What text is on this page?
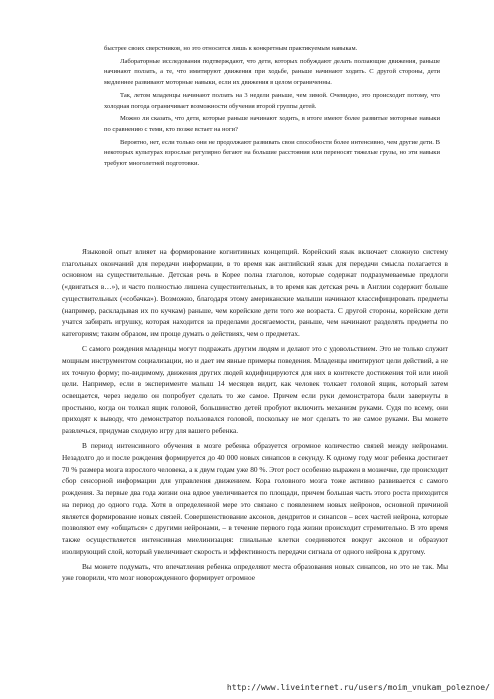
быстрее своих сверстников, но это относится лишь к конкретным практикуемым навыкам.

Лабораторные исследования подтверждают, что дети, которых побуждают делать ползающие движения, раньше начинают ползать, а те, что имитируют движения при ходьбе, раньше начинают ходить. С другой стороны, дети медленнее развивают моторные навыки, если их движения в целом ограниченны.

Так, летом младенцы начинают ползать на 3 недели раньше, чем зимой. Очевидно, это происходит потому, что холодная погода ограничивает возможности обучения второй группы детей.

Можно ли сказать, что дети, которые раньше начинают ходить, в итоге имеют более развитые моторные навыки по сравнению с теми, кто позже встает на ноги?

Вероятно, нет, если только они не продолжают развивать свои способности более интенсивно, чем другие дети. В некоторых культурах взрослые регулярно бегают на большие расстояния или переносят тяжелые грузы, но эти навыки требуют многолетней подготовки.

Языковой опыт влияет на формирование когнитивных концепций. Корейский язык включает сложную систему глагольных окончаний для передачи информации, в то время как английский язык для передачи смысла полагается в основном на существительные. Детская речь в Корее полна глаголов, которые содержат подразумеваемые предлоги («двигаться в…»), и часто полностью лишена существительных, в то время как детская речь в Англии содержит больше существительных («собачка»). Возможно, благодаря этому американские малыши начинают классифицировать предметы (например, раскладывая их по кучкам) раньше, чем корейские дети того же возраста. С другой стороны, корейские дети учатся забирать игрушку, которая находится за пределами досягаемости, раньше, чем начинают разделять предметы по категориям; таким образом, им проще думать о действиях, чем о предметах.

С самого рождения младенцы могут подражать другим людям и делают это с удовольствием. Это не только служит мощным инструментом социализации, но и дает им явные примеры поведения. Младенцы имитируют цели действий, а не их точную форму; по-видимому, движения других людей кодифицируются для них в контексте достижения той или иной цели. Например, если в эксперименте малыш 14 месяцев видит, как человек толкает головой ящик, который затем освещается, через неделю он попробует сделать то же самое. Причем если руки демонстратора были завернуты в простыню, когда он толкал ящик головой, большинство детей пробуют включить механизм руками. Судя по всему, они приходят к выводу, что демонстратор пользовался головой, поскольку не мог сделать то же самое руками. Вы можете развлечься, придумав сходную игру для вашего ребенка.

В период интенсивного обучения в мозге ребенка образуется огромное количество связей между нейронами. Незадолго до и после рождения формируется до 40 000 новых синапсов в секунду. К одному году мозг ребенка достигает 70 % размера мозга взрослого человека, а к двум годам уже 80 %. Этот рост особенно выражен в мозжечке, где происходит сбор сенсорной информации для управления движением. Кора головного мозга тоже активно развивается с самого рождения. За первые два года жизни она вдвое увеличивается по площади, причем большая часть этого роста приходится на период до одного года. Хотя в определенной мере это связано с появлением новых нейронов, основной причиной является формирование новых связей. Совершенствование аксонов, дендритов и синапсов – всех частей нейрона, которые позволяют ему «общаться» с другими нейронами, – в течение первого года жизни происходит стремительно. В это время также осуществляется интенсивная миелинизация: глиальные клетки соединяются вокруг аксонов и образуют изолирующий слой, который увеличивает скорость и эффективность передачи сигнала от одного нейрона к другому.

Вы можете подумать, что впечатления ребенка определяют места образования новых синапсов, но это не так. Мы уже говорили, что мозг новорожденного формирует огромное

http://www.liveinternet.ru/users/moim_vnukam_poleznoe/
